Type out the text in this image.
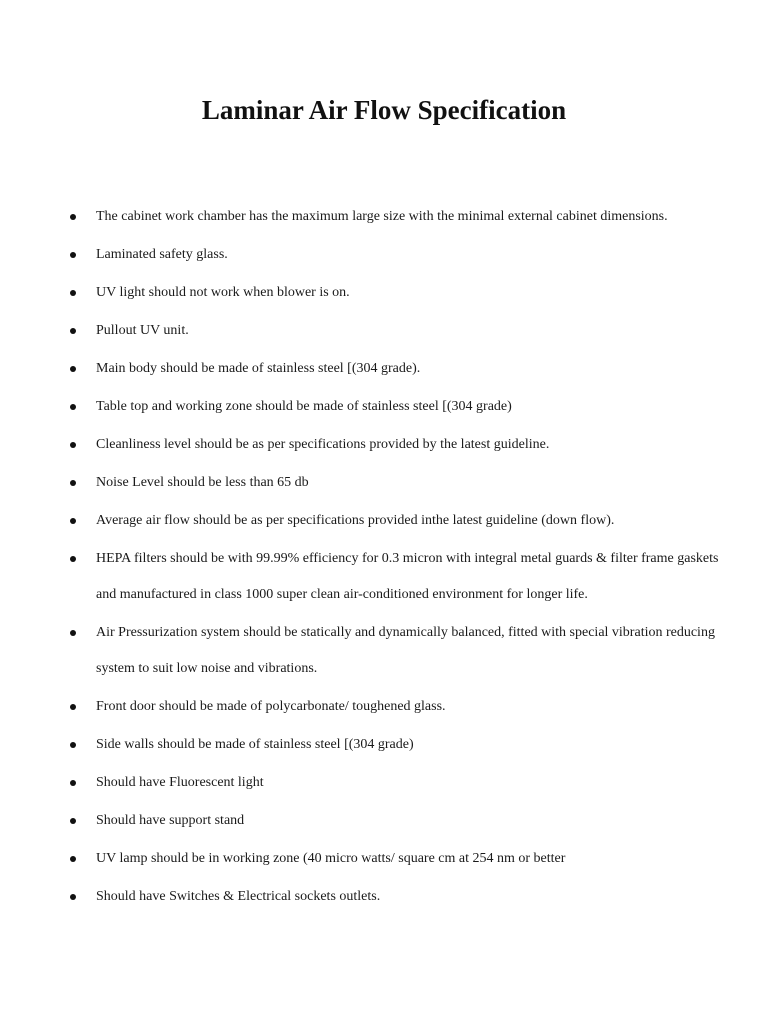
Laminar Air Flow Specification
The cabinet work chamber has the maximum large size with the minimal external cabinet dimensions.
Laminated safety glass.
UV light should not work when blower is on.
Pullout UV unit.
Main body should be made of stainless steel [(304 grade).
Table top and working zone should be made of stainless steel [(304 grade)
Cleanliness level should be as per specifications provided by the latest guideline.
Noise Level should be less than 65 db
Average air flow should be as per specifications provided inthe latest guideline (down flow).
HEPA filters should be with 99.99% efficiency for 0.3 micron with integral metal guards & filter frame gaskets and manufactured in class 1000 super clean air-conditioned environment for longer life.
Air Pressurization system should be statically and dynamically balanced, fitted with special vibration reducing system to suit low noise and vibrations.
Front door should be made of polycarbonate/ toughened glass.
Side walls should be made of stainless steel [(304 grade)
Should have Fluorescent light
Should have support stand
UV lamp should be in working zone (40 micro watts/ square cm at 254 nm or better
Should have Switches & Electrical sockets outlets.
